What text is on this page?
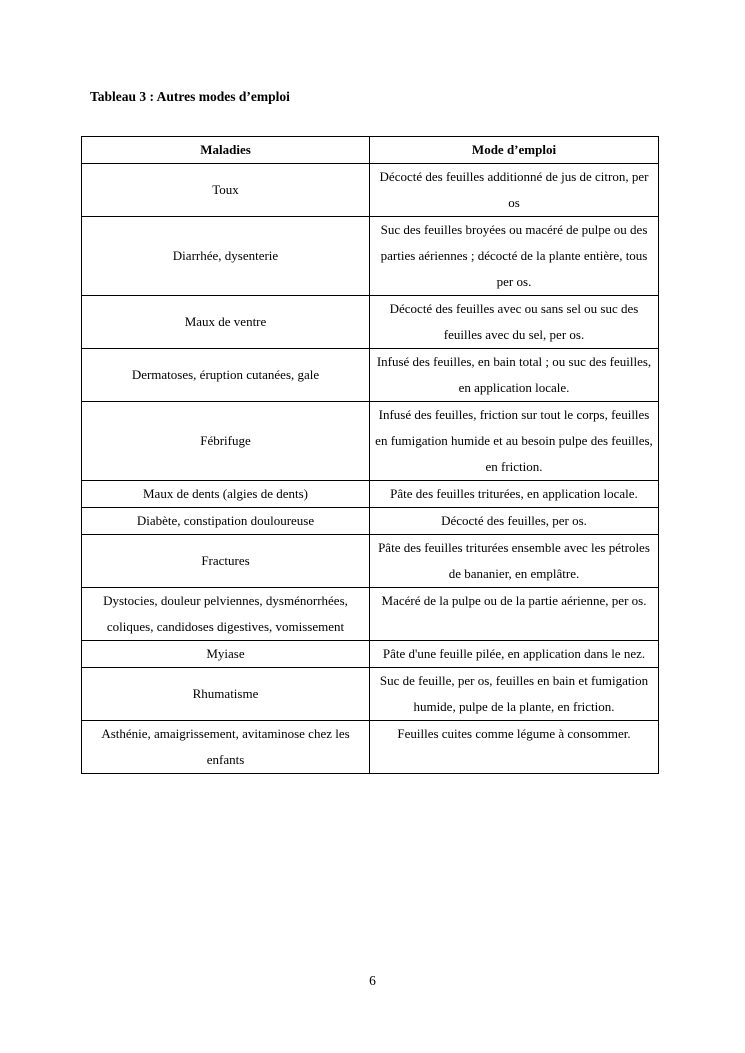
Tableau 3 : Autres modes d’emploi
Maladies	Mode d’emploi
Toux	Décocté des feuilles additionné de jus de citron, per os
Diarrhée, dysenterie	Suc des feuilles broyées ou macéré de pulpe ou des parties aériennes ; décocté de la plante entière, tous per os.
Maux de ventre	Décocté des feuilles avec ou sans sel ou suc des feuilles avec du sel, per os.
Dermatoses, éruption cutanées, gale	Infusé des feuilles, en bain total ; ou suc des feuilles, en application locale.
Fébrifuge	Infusé des feuilles, friction sur tout le corps, feuilles en fumigation humide et au besoin pulpe des feuilles, en friction.
Maux de dents (algies de dents)	Pâte des feuilles triturées, en application locale.
Diabète, constipation douloureuse	Décocté des feuilles, per os.
Fractures	Pâte des feuilles triturées ensemble avec les pétroles de bananier, en emplâtre.
Dystocies, douleur pelviennes, dysménorrhées, coliques, candidoses digestives, vomissement	Macéré de la pulpe ou de la partie aérienne, per os.
Myiase	Pâte d'une feuille pilée, en application dans le nez.
Rhumatisme	Suc de feuille, per os, feuilles en bain et fumigation humide, pulpe de la plante, en friction.
Asthénie, amaigrissement, avitaminose chez les enfants	Feuilles cuites comme légume à consommer.
6
